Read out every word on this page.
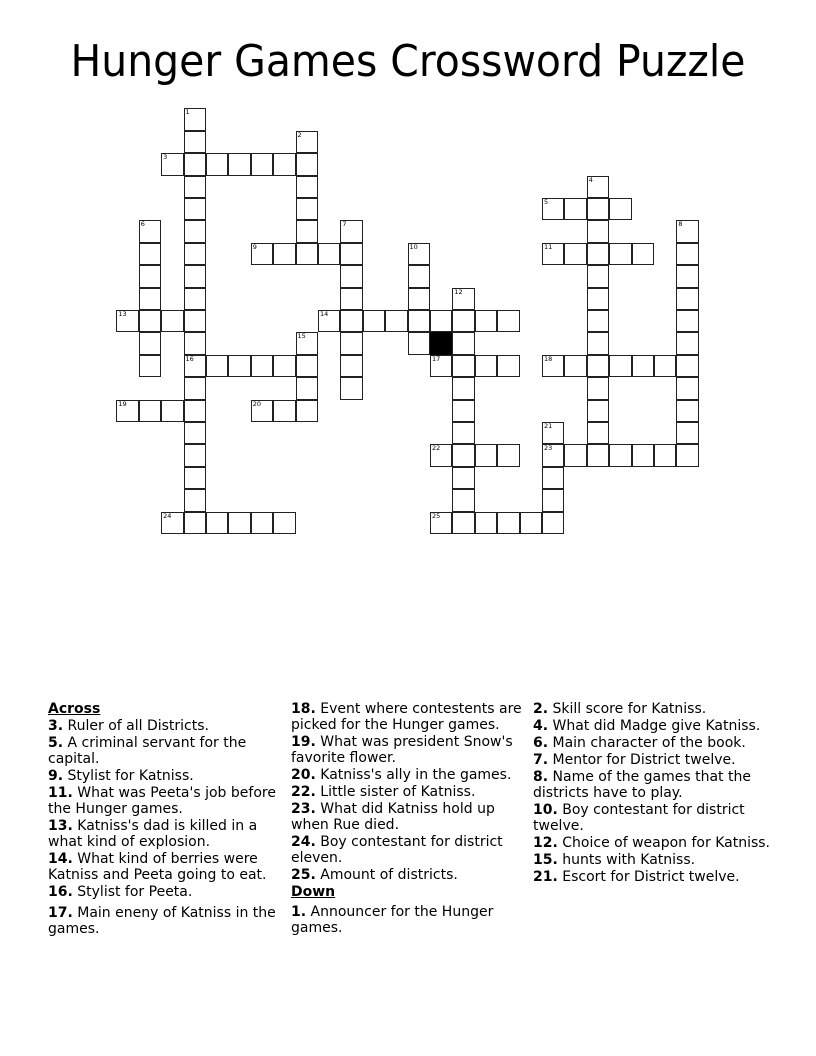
Hunger Games Crossword Puzzle
1
16
2
3
4
5
6	7	8
9	10	11
12
13	14
15
17	18
19	20
21
23
22
24	25
Across
3. Ruler of all Districts.
5. A criminal servant for the capital.
9. Stylist for Katniss.
11. What was Peeta's job before the Hunger games.
13. Katniss's dad is killed in a what kind of explosion.
14. What kind of berries were Katniss and Peeta going to eat.
16. Stylist for Peeta.
17. Main eneny of Katniss in the games.
18. Event where contestents are picked for the Hunger games.
19. What was president Snow's favorite flower.
20. Katniss's ally in the games.
22. Little sister of Katniss.
23. What did Katniss hold up when Rue died.
24. Boy contestant for district eleven.
25. Amount of districts.
Down
1. Announcer for the Hunger games.
2. Skill score for Katniss.
4. What did Madge give Katniss.
6. Main character of the book.
7. Mentor for District twelve.
8. Name of the games that the districts have to play.
10. Boy contestant for district twelve.
12. Choice of weapon for Katniss.
15. hunts with Katniss.
21. Escort for District twelve.
